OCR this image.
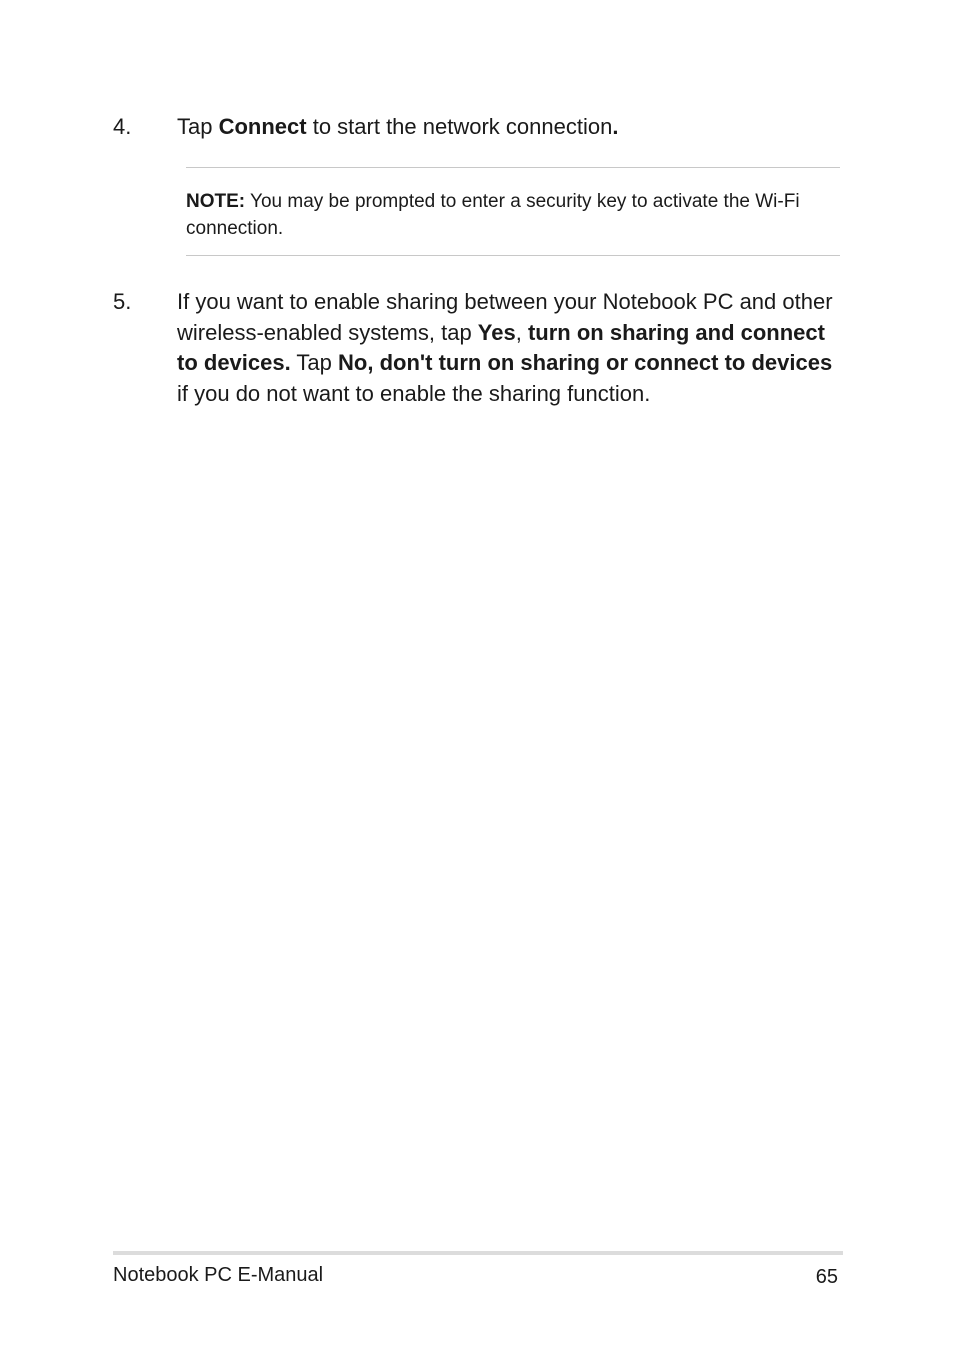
4. Tap Connect to start the network connection.
NOTE: You may be prompted to enter a security key to activate the Wi-Fi connection.
5. If you want to enable sharing between your Notebook PC and other wireless-enabled systems, tap Yes, turn on sharing and connect to devices. Tap No, don't turn on sharing or connect to devices if you do not want to enable the sharing function.
Notebook PC E-Manual	65
